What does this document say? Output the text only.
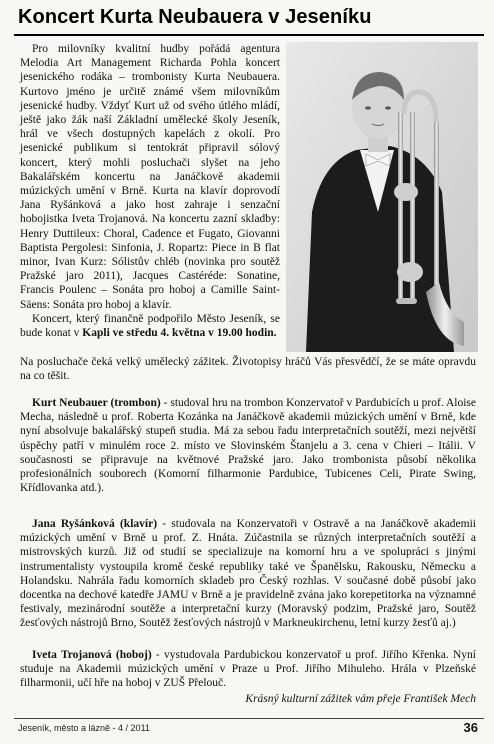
Koncert Kurta Neubauera v Jeseníku

Pro milovníky kvalitní hudby pořádá agentura Melodia Art Management Richarda Pohla koncert jesenického rodáka – trombonisty Kurta Neubauera. Kurtovo jméno je určitě známé všem milovníkům jesenické hudby. Vždyť Kurt už od svého útlého mládí, ještě jako žák naší Základní umělecké školy Jeseník, hrál ve všech dostupných kapelách z okolí. Pro jesenické publikum si tentokrát připravil sólový koncert, který mohli posluchači slyšet na jeho Bakalářském koncertu na Janáčkově akademii múzických umění v Brně. Kurta na klavír doprovodí Jana Ryšánková a jako host zahraje i senzační hobojistka Iveta Trojanová. Na koncertu zazní skladby: Henry Duttileux: Choral, Cadence et Fugato, Giovanni Baptista Pergolesi: Sinfonia, J. Ropartz: Piece in B flat minor, Ivan Kurz: Sólistův chléb (novinka pro soutěž Pražské jaro 2011), Jacques Castéréde: Sonatine, Francis Poulenc – Sonáta pro hoboj a Camille Saint-Säens: Sonáta pro hoboj a klavír.

Koncert, který finančně podpořilo Město Jeseník, se bude konat v Kapli ve středu 4. května v 19.00 hodin.

Na posluchače čeká velký umělecký zážitek. Životopisy hráčů Vás přesvědčí, že se máte opravdu na co těšit.

Kurt Neubauer (trombon) - studoval hru na trombon Konzervatoř v Pardubicích u prof. Aloise Mecha, následně u prof. Roberta Kozánka na Janáčkově akademii múzických umění v Brně, kde nyní absolvuje bakalářský stupeň studia. Má za sebou řadu interpretačních soutěží, mezi největší úspěchy patří v minulém roce 2. místo ve Slovinském Štanjelu a 3. cena v Chieri – Itálii. V současnosti se připravuje na květnové Pražské jaro. Jako trombonista působí několika profesionálních souborech (Komorní filharmonie Pardubice, Tubicenes Celi, Pirate Swing, Křídlovanka atd.).

Jana Ryšánková (klavír) - studovala na Konzervatoři v Ostravě a na Janáčkově akademii múzických umění v Brně u prof. Z. Hnáta. Zúčastnila se různých interpretačních soutěží a mistrovských kurzů. Již od studií se specializuje na komorní hru a ve spolupráci s jinými instrumentalisty vystoupila kromě české republiky také ve Španělsku, Rakousku, Německu a Holandsku. Nahrála řadu komorních skladeb pro Český rozhlas. V současné době působí jako docentka na dechové katedře JAMU v Brně a je pravidelně zvána jako korepetitorka na významné festivaly, mezinárodní soutěže a interpretační kurzy (Moravský podzim, Pražské jaro, Soutěž žesťových nástrojů Brno, Soutěž žesťových nástrojů v Markneukirchenu, letní kurzy žesťů aj.)

Iveta Trojanová (hoboj) - vystudovala Pardubickou konzervatoř u prof. Jiřího Křenka. Nyní studuje na Akademii múzických umění v Praze u Prof. Jiřího Mihuleho. Hrála v Plzeňské filharmonii, učí hře na hoboj v ZUŠ Přelouč.

Krásný kulturní zážitek vám přeje František Mech
Jeseník, město a lázně - 4 / 2011	36
